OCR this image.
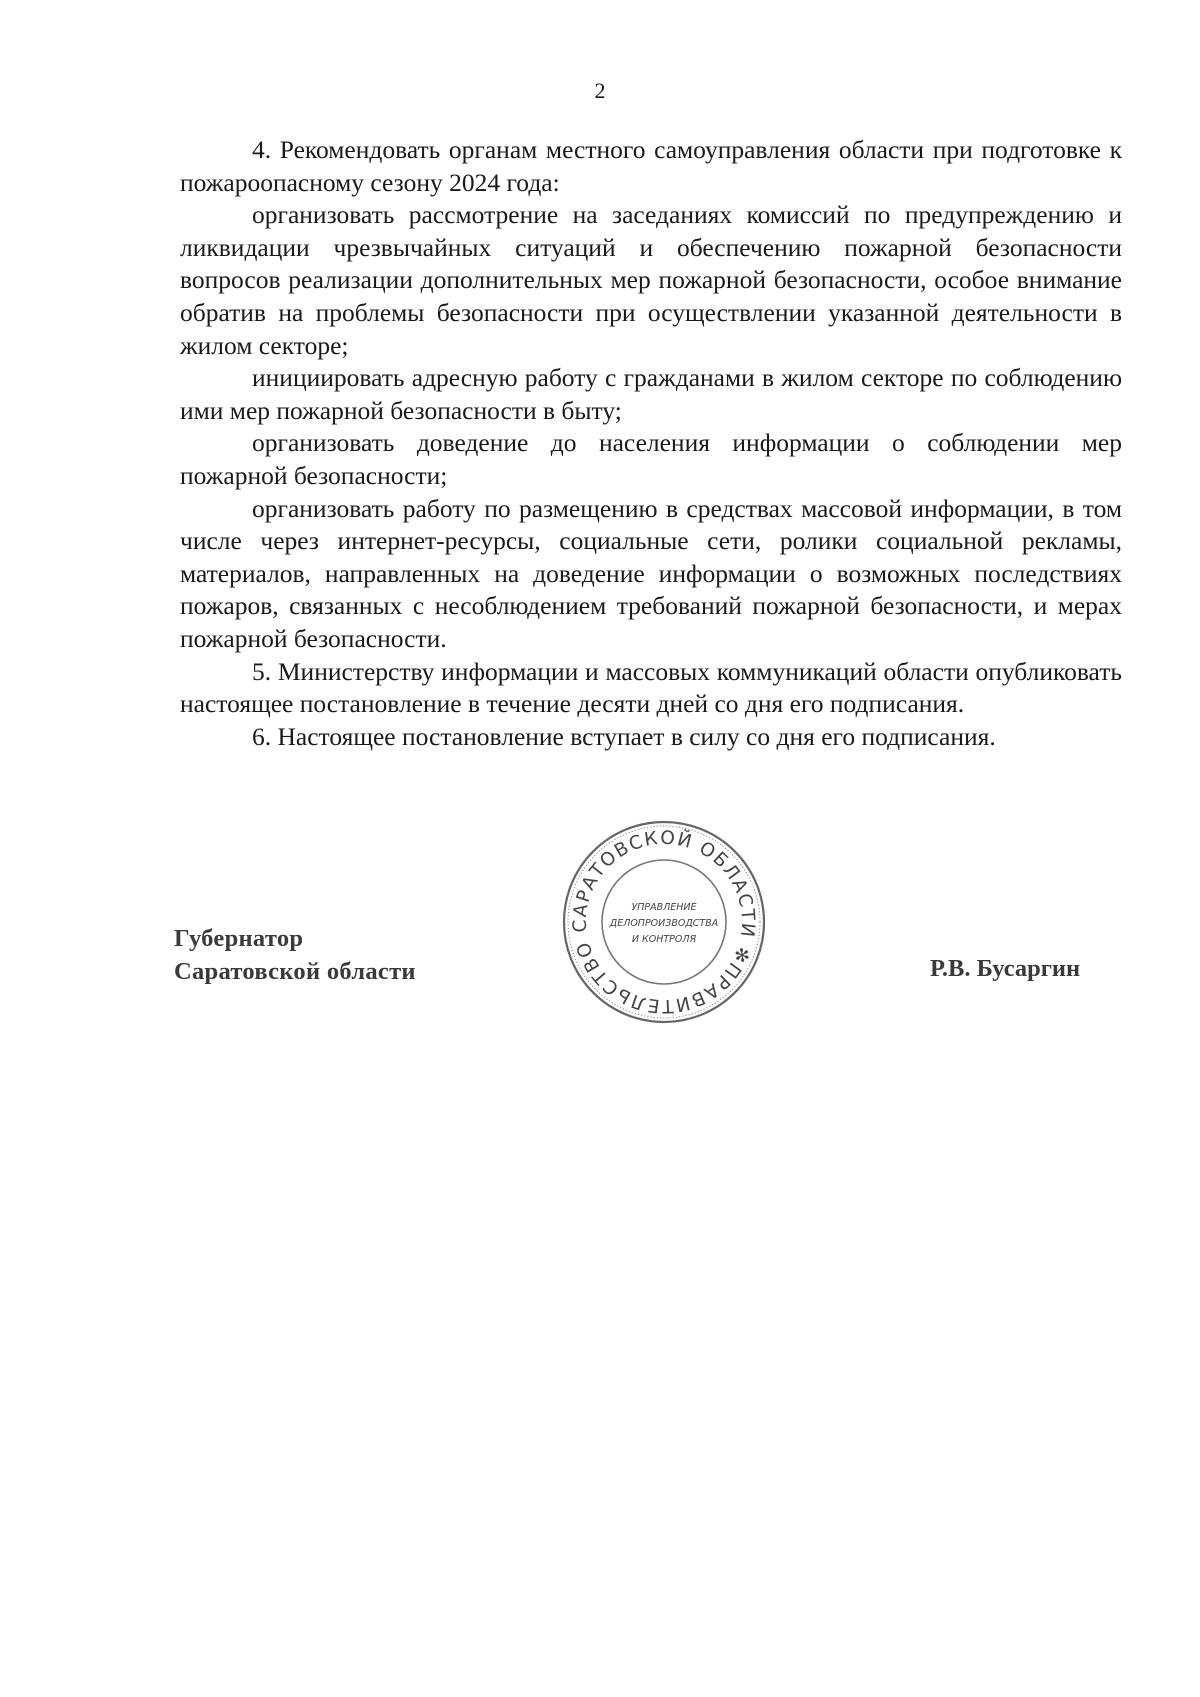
2

4. Рекомендовать органам местного самоуправления области при подготовке к пожароопасному сезону 2024 года:

организовать рассмотрение на заседаниях комиссий по предупреждению и ликвидации чрезвычайных ситуаций и обеспечению пожарной безопасности вопросов реализации дополнительных мер пожарной безопасности, особое внимание обратив на проблемы безопасности при осуществлении указанной деятельности в жилом секторе;

инициировать адресную работу с гражданами в жилом секторе по соблюдению ими мер пожарной безопасности в быту;

организовать доведение до населения информации о соблюдении мер пожарной безопасности;

организовать работу по размещению в средствах массовой информации, в том числе через интернет-ресурсы, социальные сети, ролики социальной рекламы, материалов, направленных на доведение информации о возможных последствиях пожаров, связанных с несоблюдением требований пожарной безопасности, и мерах пожарной безопасности.

5. Министерству информации и массовых коммуникаций области опубликовать настоящее постановление в течение десяти дней со дня его подписания.

6. Настоящее постановление вступает в силу со дня его подписания.

Губернатор
Саратовской области	Р.В. Бусаргин
ПРАВИТЕЛЬСТВО САРАТОВСКОЙ ОБЛАСТИ ✻
УПРАВЛЕНИЕ
ДЕЛОПРОИЗВОДСТВА
И КОНТРОЛЯ
